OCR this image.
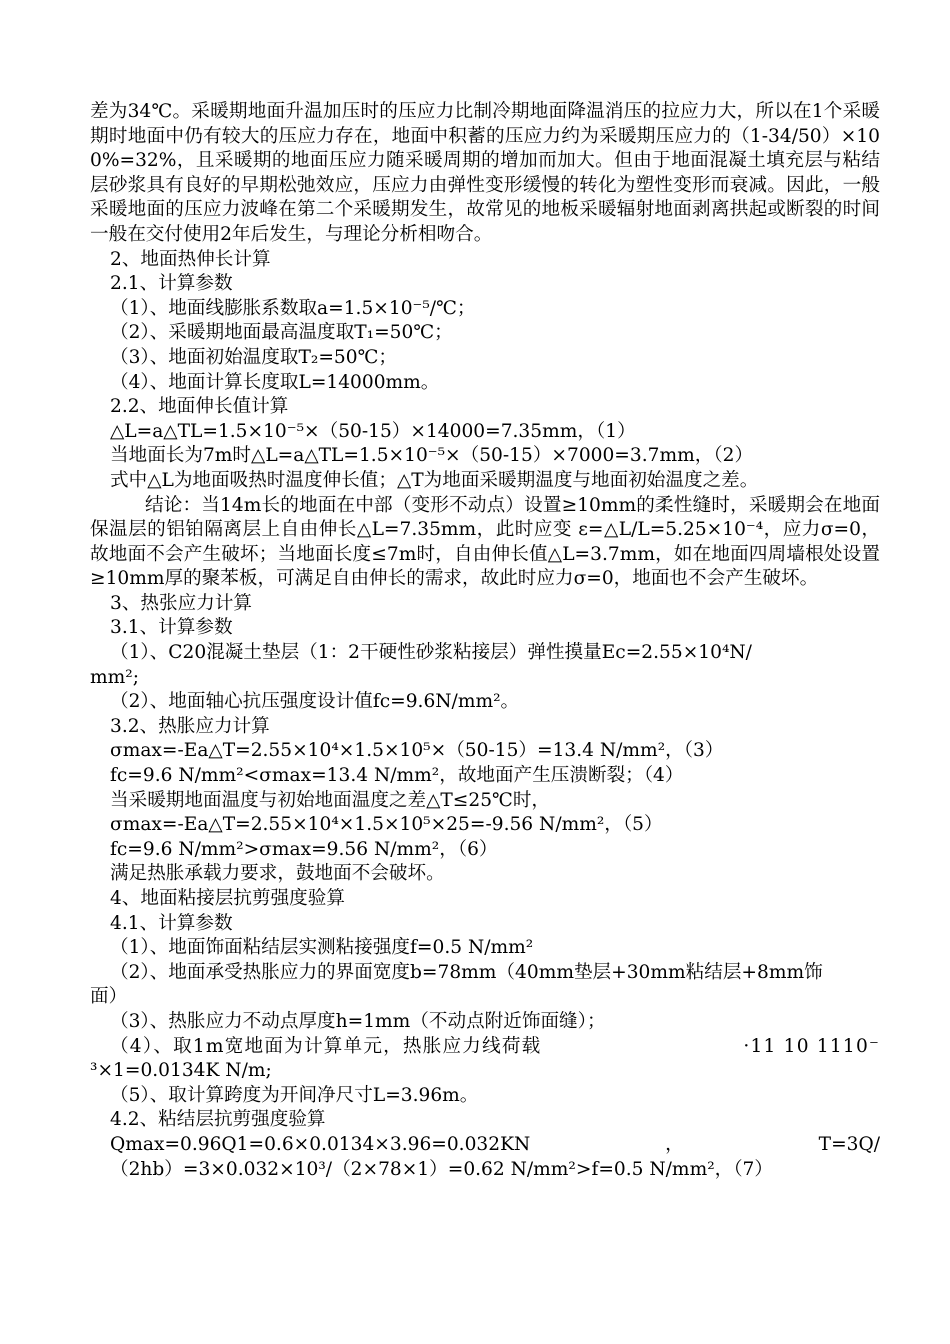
差为34℃。采暖期地面升温加压时的压应力比制冷期地面降温消压的拉应力大，所以在1个采暖期时地面中仍有较大的压应力存在，地面中积蓄的压应力约为采暖期压应力的（1-34/50）×100%=32%，且采暖期的地面压应力随采暖周期的增加而加大。但由于地面混凝土填充层与粘结层砂浆具有良好的早期松弛效应，压应力由弹性变形缓慢的转化为塑性变形而衰减。因此，一般采暖地面的压应力波峰在第二个采暖期发生，故常见的地板采暖辐射地面剥离拱起或断裂的时间一般在交付使用2年后发生，与理论分析相吻合。

2、地面热伸长计算

2.1、计算参数

（1）、地面线膨胀系数取a=1.5×10⁻⁵/℃；

（2）、采暖期地面最高温度取T₁=50℃；

（3）、地面初始温度取T₂=50℃；

（4）、地面计算长度取L=14000mm。

2.2、地面伸长值计算

△L=a△TL=1.5×10⁻⁵×（50-15）×14000=7.35mm，（1）

当地面长为7m时△L=a△TL=1.5×10⁻⁵×（50-15）×7000=3.7mm，（2）

式中△L为地面吸热时温度伸长值；△T为地面采暖期温度与地面初始温度之差。

结论：当14m长的地面在中部（变形不动点）设置≥10mm的柔性缝时，采暖期会在地面保温层的铝铂隔离层上自由伸长△L=7.35mm，此时应变 ε=△L/L=5.25×10⁻⁴，应力σ=0，故地面不会产生破坏；当地面长度≤7m时，自由伸长值△L=3.7mm，如在地面四周墙根处设置≥10mm厚的聚苯板，可满足自由伸长的需求，故此时应力σ=0，地面也不会产生破坏。

3、热张应力计算

3.1、计算参数

（1）、C20混凝土垫层（1：2干硬性砂浆粘接层）弹性摸量Ec=2.55×10⁴N/

mm²;

（2）、地面轴心抗压强度设计值fc=9.6N/mm²。

3.2、热胀应力计算

σmax=-Ea△T=2.55×10⁴×1.5×10⁵×（50-15）=13.4 N/mm²，（3）

fc=9.6 N/mm²<σmax=13.4 N/mm²，故地面产生压溃断裂；（4）

当采暖期地面温度与初始地面温度之差△T≤25℃时，

σmax=-Ea△T=2.55×10⁴×1.5×10⁵×25=-9.56 N/mm²，（5）

fc=9.6 N/mm²>σmax=9.56 N/mm²，（6）

满足热胀承载力要求，鼓地面不会破坏。

4、地面粘接层抗剪强度验算

4.1、计算参数

（1）、地面饰面粘结层实测粘接强度f=0.5 N/mm²

（2）、地面承受热胀应力的界面宽度b=78mm（40mm垫层+30mm粘结层+8mm饰

面）

（3）、热胀应力不动点厚度h=1mm（不动点附近饰面缝）；

（4）、取1m宽地面为计算单元，热胀应力线荷载	·11 10 1110⁻

³×1=0.0134K N/m;

（5）、取计算跨度为开间净尺寸L=3.96m。

4.2、粘结层抗剪强度验算

Qmax=0.96Q1=0.6×0.0134×3.96=0.032KN	，	T=3Q/

（2hb）=3×0.032×10³/（2×78×1）=0.62 N/mm²>f=0.5 N/mm²，（7）
